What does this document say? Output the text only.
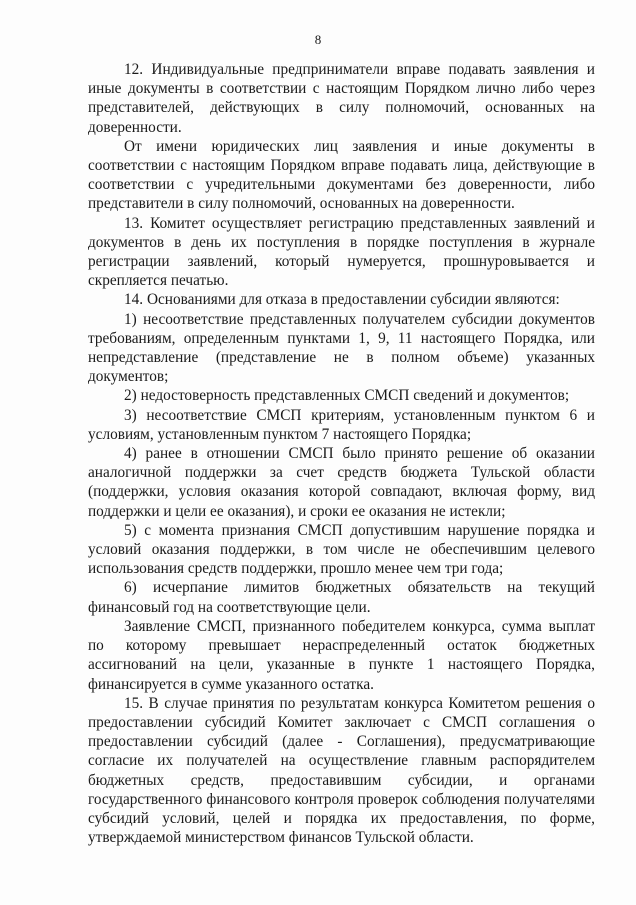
8

12. Индивидуальные предприниматели вправе подавать заявления и иные документы в соответствии с настоящим Порядком лично либо через представителей, действующих в силу полномочий, основанных на доверенности.

От имени юридических лиц заявления и иные документы в соответствии с настоящим Порядком вправе подавать лица, действующие в соответствии с учредительными документами без доверенности, либо представители в силу полномочий, основанных на доверенности.

13. Комитет осуществляет регистрацию представленных заявлений и документов в день их поступления в порядке поступления в журнале регистрации заявлений, который нумеруется, прошнуровывается и скрепляется печатью.

14. Основаниями для отказа в предоставлении субсидии являются:

1) несоответствие представленных получателем субсидии документов требованиям, определенным пунктами 1, 9, 11 настоящего Порядка, или непредставление (представление не в полном объеме) указанных документов;

2) недостоверность представленных СМСП сведений и документов;

3) несоответствие СМСП критериям, установленным пунктом 6 и условиям, установленным пунктом 7 настоящего Порядка;

4) ранее в отношении СМСП было принято решение об оказании аналогичной поддержки за счет средств бюджета Тульской области (поддержки, условия оказания которой совпадают, включая форму, вид поддержки и цели ее оказания), и сроки ее оказания не истекли;

5) с момента признания СМСП допустившим нарушение порядка и условий оказания поддержки, в том числе не обеспечившим целевого использования средств поддержки, прошло менее чем три года;

6) исчерпание лимитов бюджетных обязательств на текущий финансовый год на соответствующие цели.

Заявление СМСП, признанного победителем конкурса, сумма выплат по которому превышает нераспределенный остаток бюджетных ассигнований на цели, указанные в пункте 1 настоящего Порядка, финансируется в сумме указанного остатка.

15. В случае принятия по результатам конкурса Комитетом решения о предоставлении субсидий Комитет заключает с СМСП соглашения о предоставлении субсидий (далее - Соглашения), предусматривающие согласие их получателей на осуществление главным распорядителем бюджетных средств, предоставившим субсидии, и органами государственного финансового контроля проверок соблюдения получателями субсидий условий, целей и порядка их предоставления, по форме, утверждаемой министерством финансов Тульской области.
